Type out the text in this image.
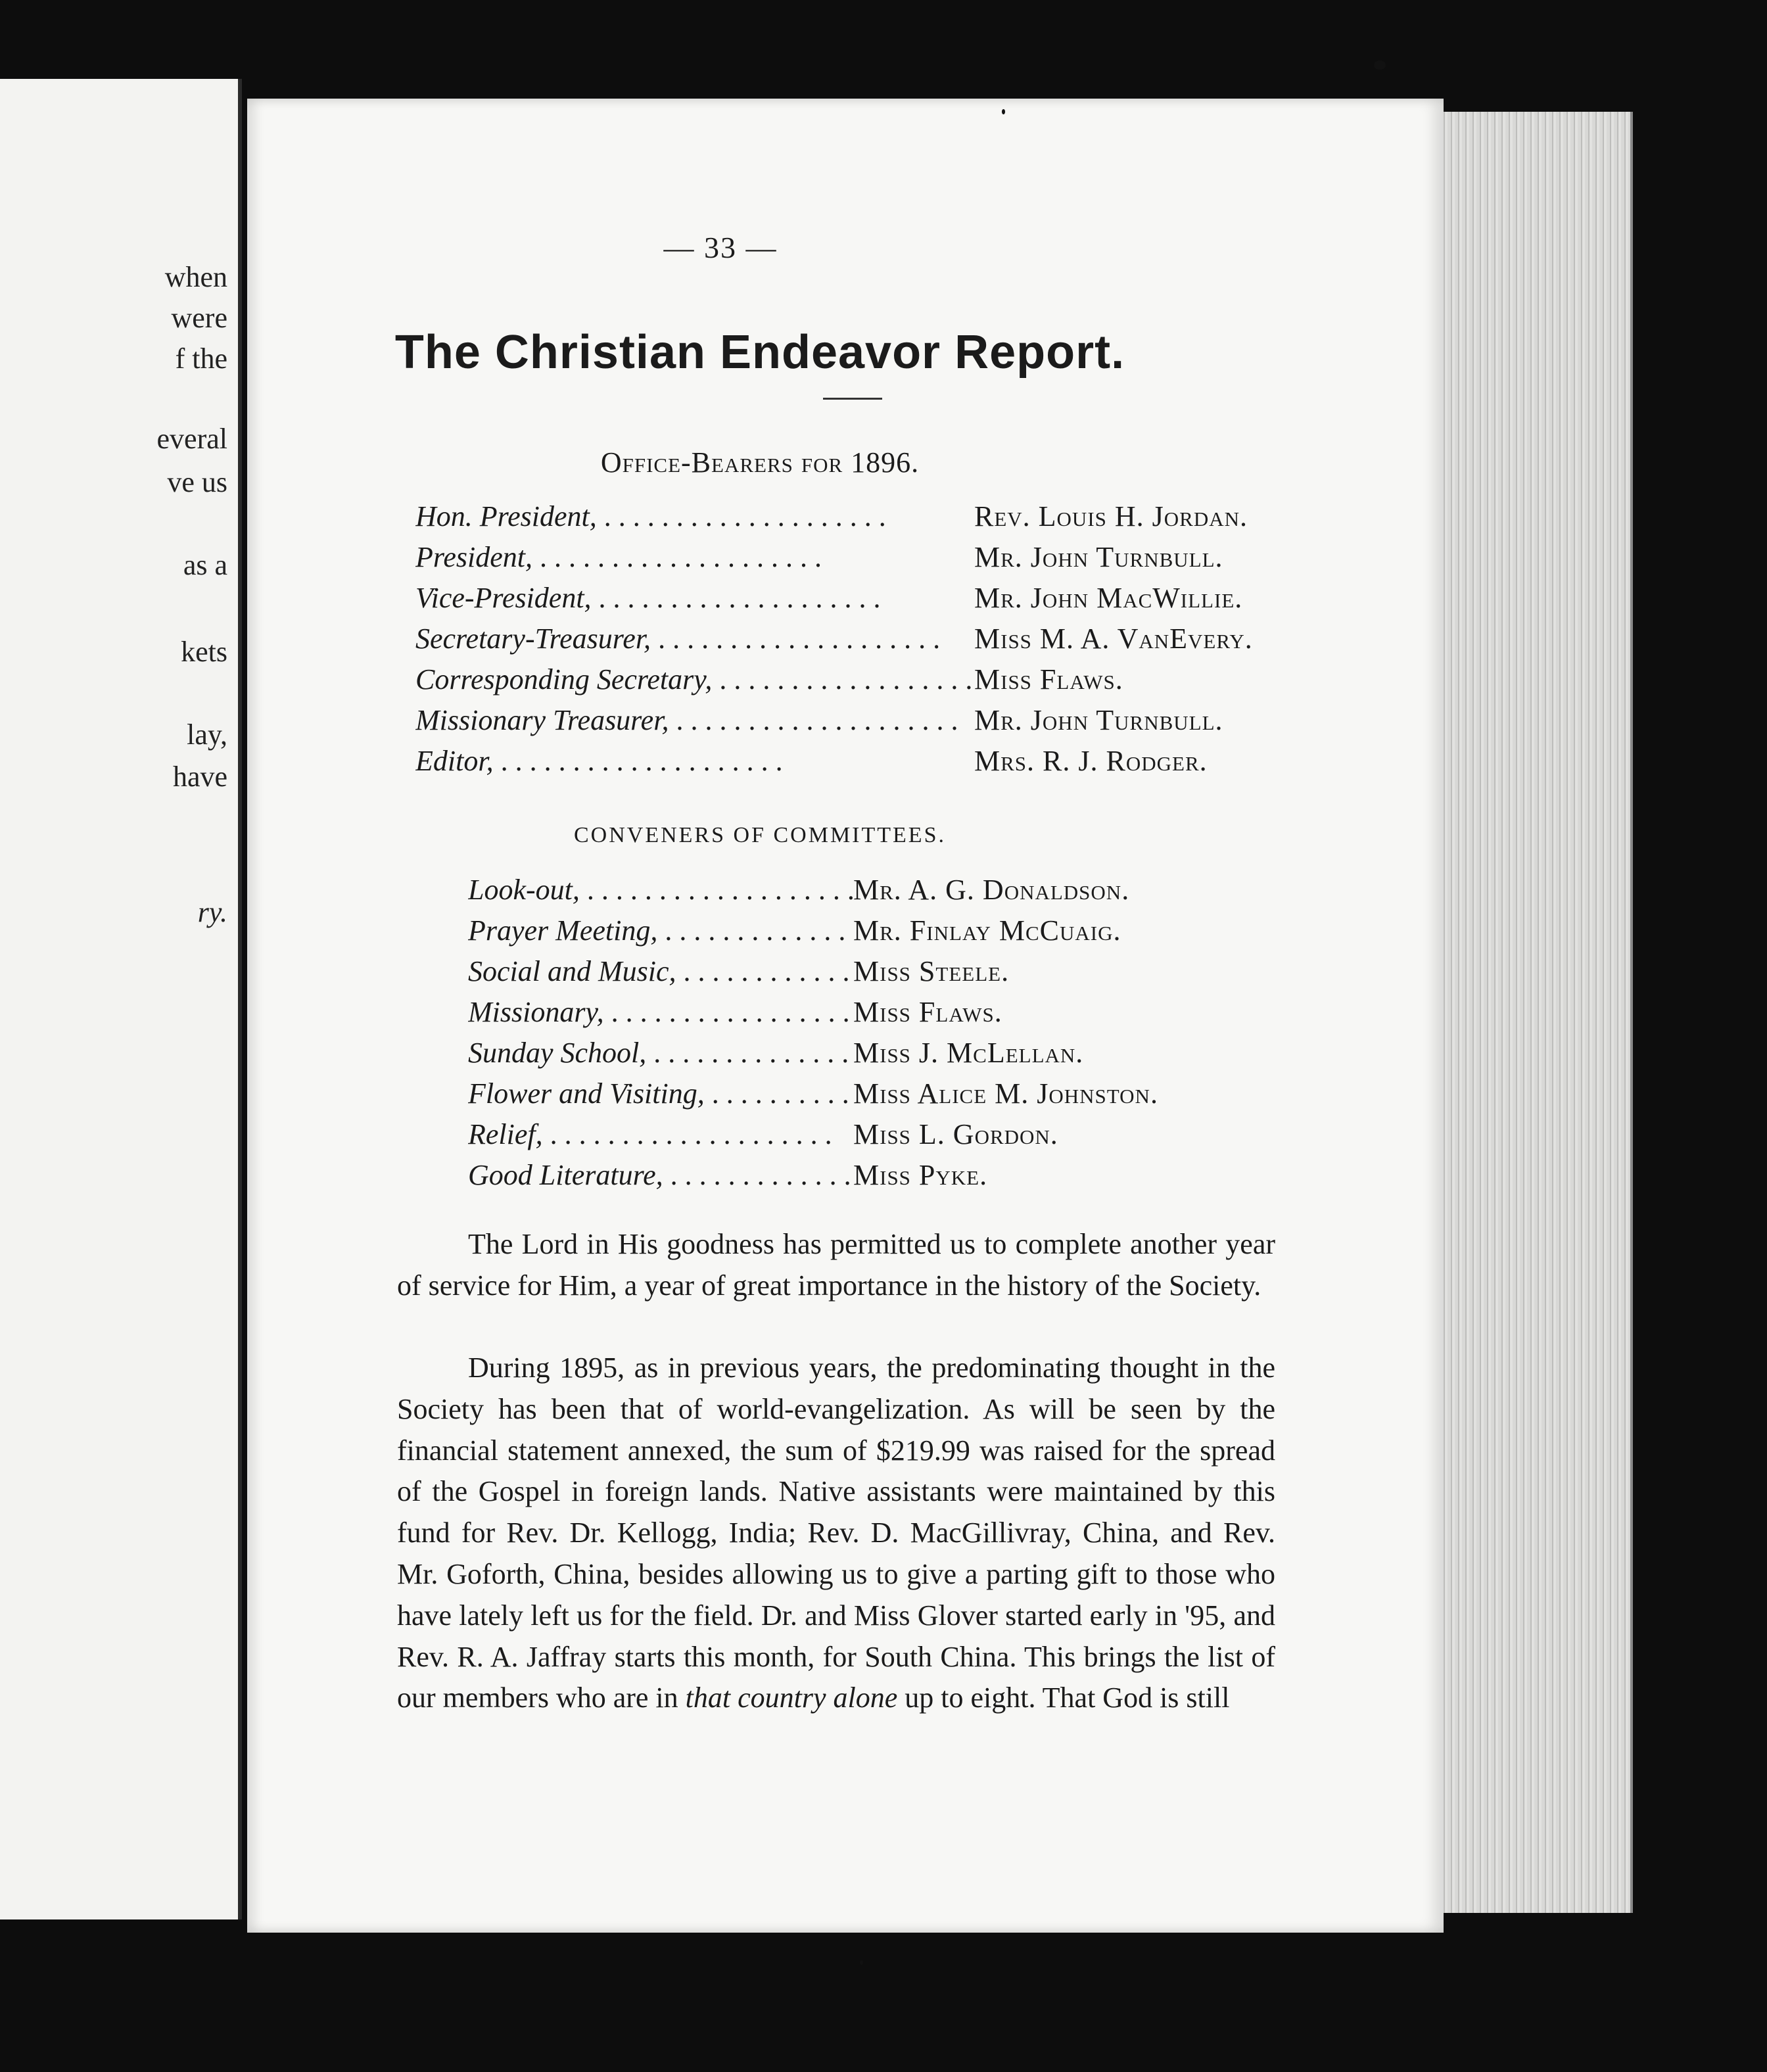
when
were
f the
everal
ve us
as a
kets
lay,
have
ry.
— 33 —
The Christian Endeavor Report.
Office-Bearers for 1896.
Hon. President, . .	Rev. Louis H. Jordan.
President, . .	Mr. John Turnbull.
Vice-President, . .	Mr. John MacWillie.
Secretary-Treasurer, . .	Miss M. A. VanEvery.
Corresponding Secretary, . .	Miss Flaws.
Missionary Treasurer, . .	Mr. John Turnbull.
Editor, . .	Mrs. R. J. Rodger.
CONVENERS OF COMMITTEES.
Look-out, . .	Mr. A. G. Donaldson.
Prayer Meeting, . .	Mr. Finlay McCuaig.
Social and Music, . .	Miss Steele.
Missionary, . .	Miss Flaws.
Sunday School, . .	Miss J. McLellan.
Flower and Visiting, . .	Miss Alice M. Johnston.
Relief, . .	Miss L. Gordon.
Good Literature, . .	Miss Pyke.

The Lord in His goodness has permitted us to complete another year of service for Him, a year of great importance in the history of the Society.

During 1895, as in previous years, the predominating thought in the Society has been that of world-evangelization. As will be seen by the financial statement annexed, the sum of $219.99 was raised for the spread of the Gospel in foreign lands. Native assistants were maintained by this fund for Rev. Dr. Kellogg, India; Rev. D. MacGillivray, China, and Rev. Mr. Goforth, China, besides allowing us to give a parting gift to those who have lately left us for the field. Dr. and Miss Glover started early in '95, and Rev. R. A. Jaffray starts this month, for South China. This brings the list of our members who are in that country alone up to eight. That God is still
